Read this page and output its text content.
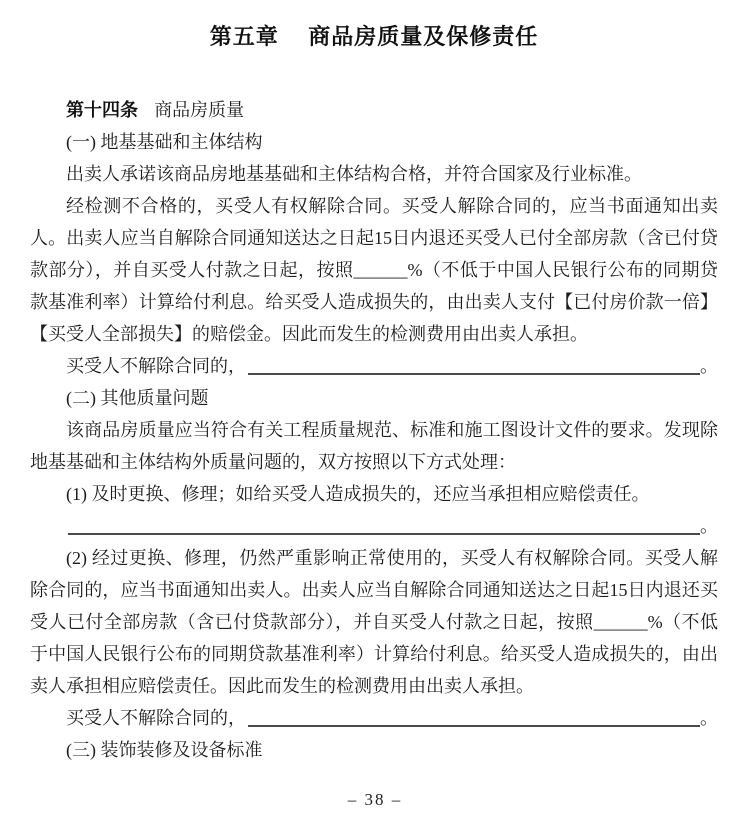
第五章　 商品房质量及保修责任

第十四条 商品房质量

(一) 地基基础和主体结构

出卖人承诺该商品房地基基础和主体结构合格，并符合国家及行业标准。

经检测不合格的，买受人有权解除合同。买受人解除合同的，应当书面通知出卖人。出卖人应当自解除合同通知送达之日起15日内退还买受人已付全部房款（含已付贷款部分），并自买受人付款之日起，按照______%（不低于中国人民银行公布的同期贷款基准利率）计算给付利息。给买受人造成损失的，由出卖人支付【已付房价款一倍】【买受人全部损失】的赔偿金。因此而发生的检测费用由出卖人承担。

买受人不解除合同的，	。

(二) 其他质量问题

该商品房质量应当符合有关工程质量规范、标准和施工图设计文件的要求。发现除地基基础和主体结构外质量问题的，双方按照以下方式处理：

(1) 及时更换、修理；如给买受人造成损失的，还应当承担相应赔偿责任。

。

(2) 经过更换、修理，仍然严重影响正常使用的，买受人有权解除合同。买受人解除合同的，应当书面通知出卖人。出卖人应当自解除合同通知送达之日起15日内退还买受人已付全部房款（含已付贷款部分），并自买受人付款之日起，按照______%（不低于中国人民银行公布的同期贷款基准利率）计算给付利息。给买受人造成损失的，由出卖人承担相应赔偿责任。因此而发生的检测费用由出卖人承担。

买受人不解除合同的，	。

(三) 装饰装修及设备标准

– 38 –
